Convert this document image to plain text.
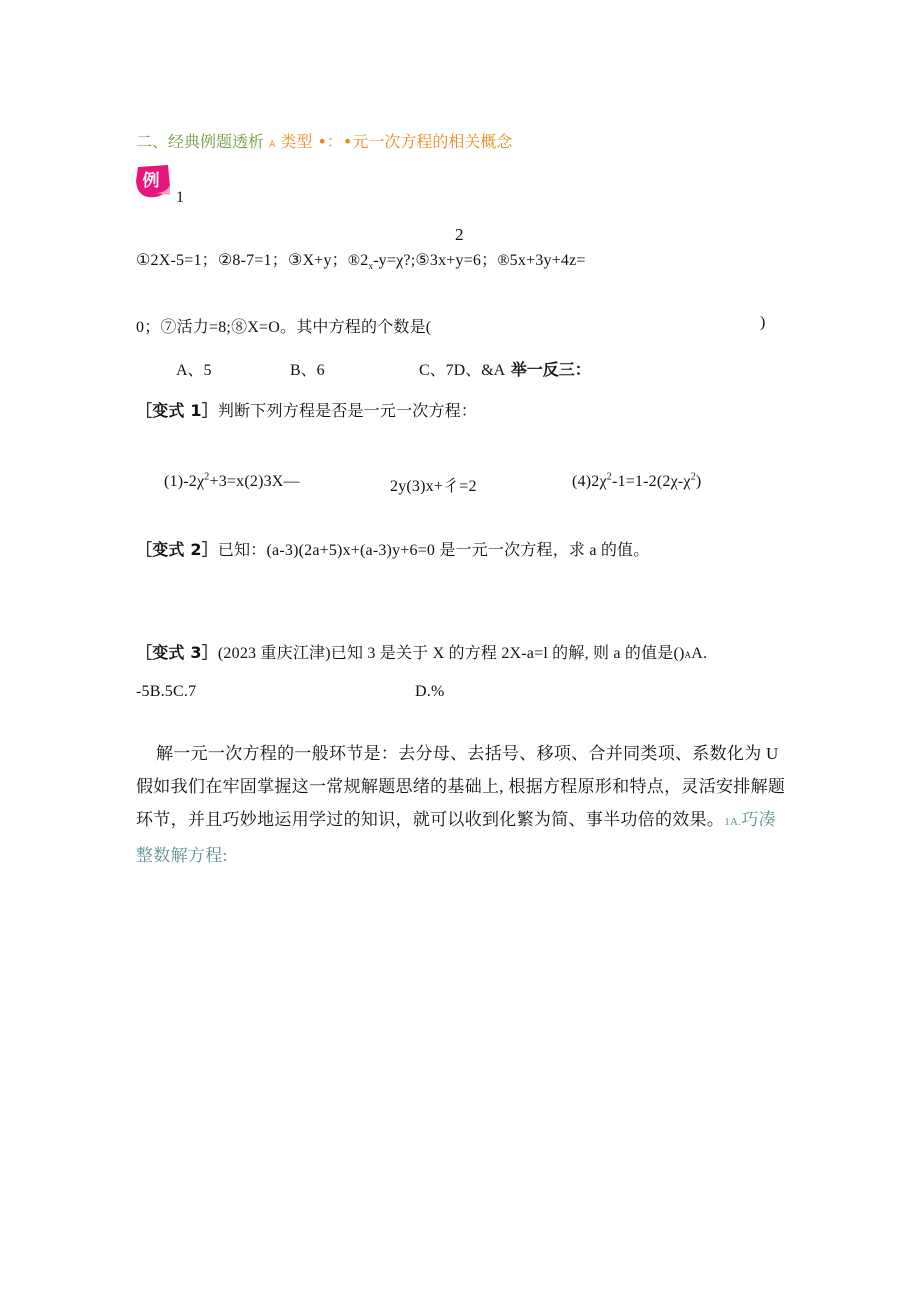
二、经典例题透析 A 类型 •：•元一次方程的相关概念
例
1
2
①2X-5=1；②8-7=1；③X+y；$®2_x-y=\chi?;⑤3x+y=6$；®5x+3y+4z=
0；⑦活力=8;⑧X=O。其中方程的个数是(	)
A、5	B、6	C、7D、&A 举一反三：
［变式 1］判断下列方程是否是一元一次方程：
$(1)-2\chi^2+3=x(2)3X—$	2y(3)x+彳=2	$(4)2\chi^2-1=1-2(2\chi-\chi^2)$
［变式 2］已知：(a-3)(2a+5)x+(a-3)y+6=0 是一元一次方程，求 a 的值。
［变式 3］(2023 重庆江津)已知 3 是关于 X 的方程 2X-a=l 的解, 则 a 的值是()AA.
-5B.5C.7	D.%
解一元一次方程的一般环节是：去分母、去括号、移项、合并同类项、系数化为 U 假如我们在牢固掌握这一常规解题思绪的基础上, 根据方程原形和特点，灵活安排解题环节，并且巧妙地运用学过的知识，就可以收到化繁为简、事半功倍的效果。1A.巧凑整数解方程:
